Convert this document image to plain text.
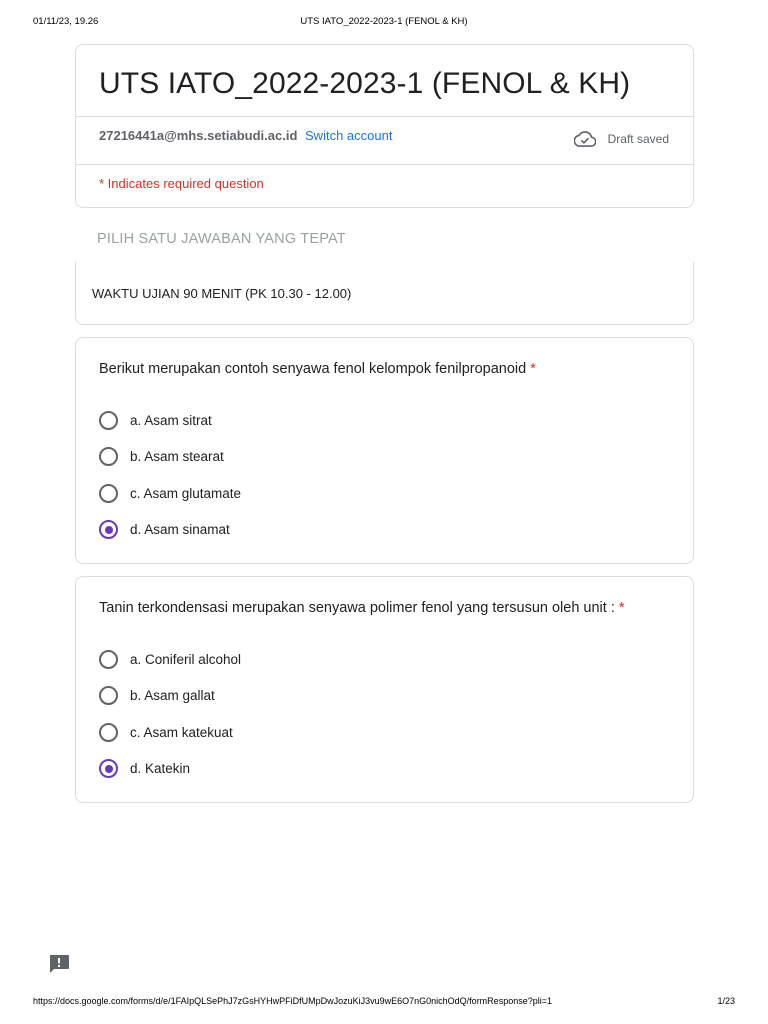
01/11/23, 19.26	UTS IATO_2022-2023-1 (FENOL & KH)
UTS IATO_2022-2023-1 (FENOL & KH)
27216441a@mhs.setiabudi.ac.id Switch account	Draft saved
* Indicates required question
PILIH SATU JAWABAN YANG TEPAT
WAKTU UJIAN 90 MENIT (PK 10.30 - 12.00)
Berikut merupakan contoh senyawa fenol kelompok fenilpropanoid *
a. Asam sitrat
b. Asam stearat
c. Asam glutamate
d. Asam sinamat
Tanin terkondensasi merupakan senyawa polimer fenol yang tersusun oleh unit : *
a. Coniferil alcohol
b. Asam gallat
c. Asam katekuat
d. Katekin
https://docs.google.com/forms/d/e/1FAIpQLSePhJ7zGsHYHwPFiDfUMpDwJozuKiJ3vu9wE6O7nG0nichOdQ/formResponse?pli=1	1/23
